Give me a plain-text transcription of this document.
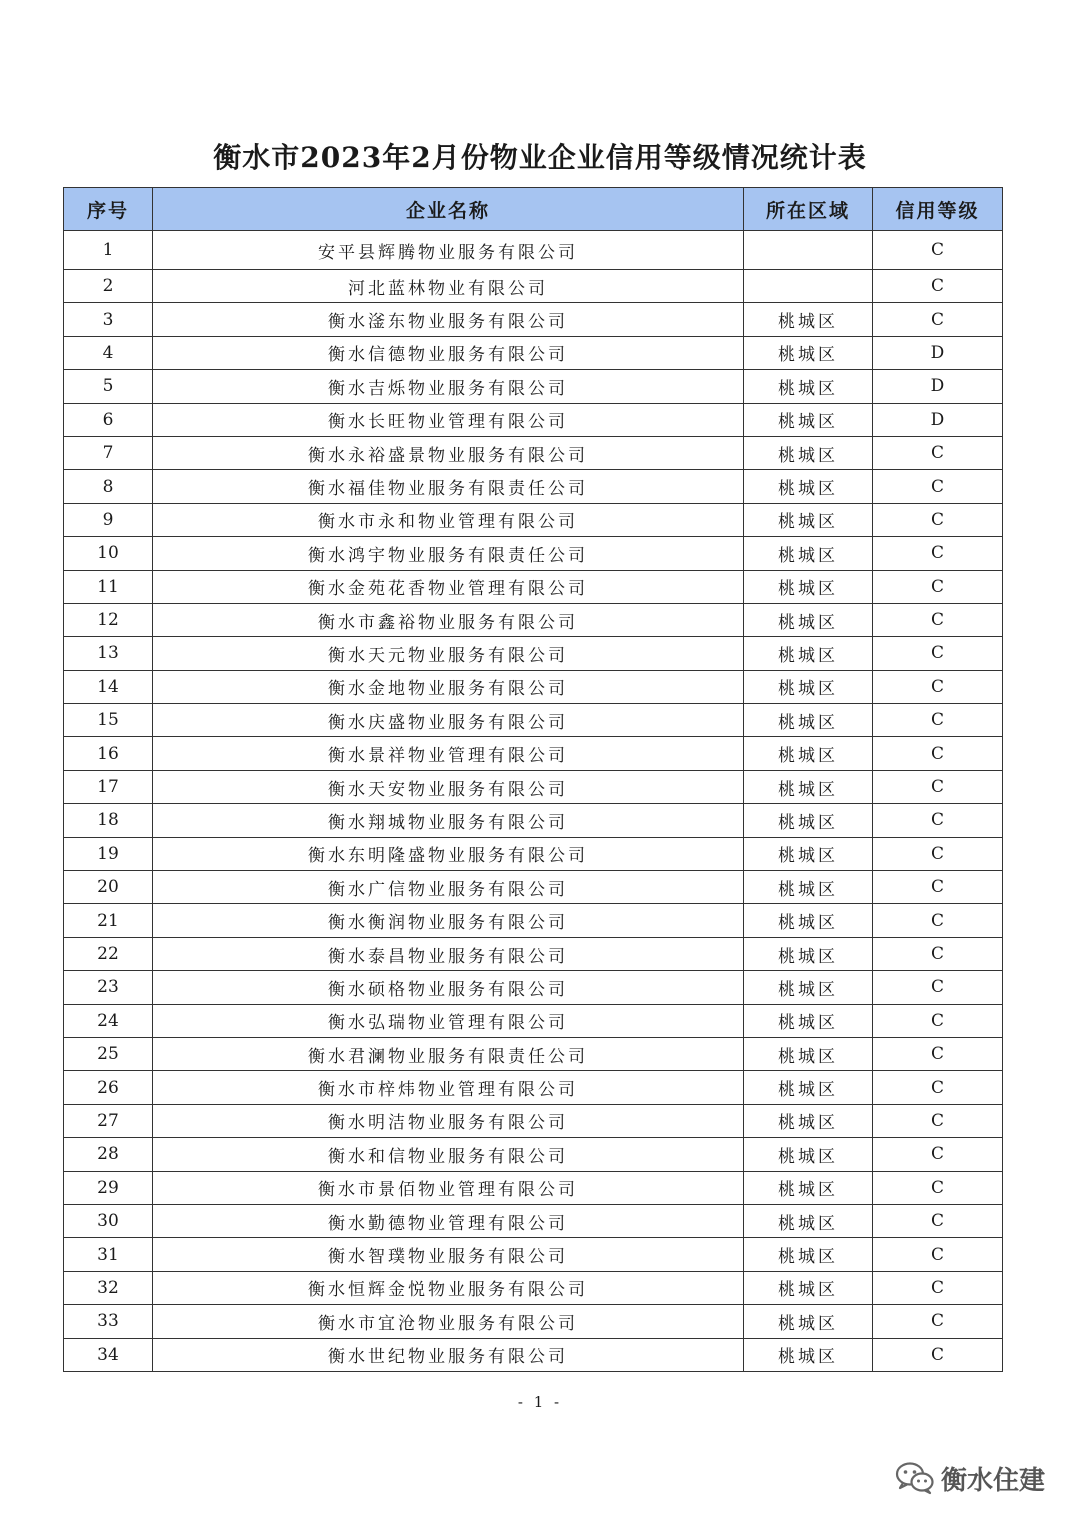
衡水市2023年2月份物业企业信用等级情况统计表
序号	企业名称	所在区域	信用等级
1	安平县辉腾物业服务有限公司		C
2	河北蓝林物业有限公司		C
3	衡水滏东物业服务有限公司	桃城区	C
4	衡水信德物业服务有限公司	桃城区	D
5	衡水吉烁物业服务有限公司	桃城区	D
6	衡水长旺物业管理有限公司	桃城区	D
7	衡水永裕盛景物业服务有限公司	桃城区	C
8	衡水福佳物业服务有限责任公司	桃城区	C
9	衡水市永和物业管理有限公司	桃城区	C
10	衡水鸿宇物业服务有限责任公司	桃城区	C
11	衡水金苑花香物业管理有限公司	桃城区	C
12	衡水市鑫裕物业服务有限公司	桃城区	C
13	衡水天元物业服务有限公司	桃城区	C
14	衡水金地物业服务有限公司	桃城区	C
15	衡水庆盛物业服务有限公司	桃城区	C
16	衡水景祥物业管理有限公司	桃城区	C
17	衡水天安物业服务有限公司	桃城区	C
18	衡水翔城物业服务有限公司	桃城区	C
19	衡水东明隆盛物业服务有限公司	桃城区	C
20	衡水广信物业服务有限公司	桃城区	C
21	衡水衡润物业服务有限公司	桃城区	C
22	衡水泰昌物业服务有限公司	桃城区	C
23	衡水硕格物业服务有限公司	桃城区	C
24	衡水弘瑞物业管理有限公司	桃城区	C
25	衡水君澜物业服务有限责任公司	桃城区	C
26	衡水市梓炜物业管理有限公司	桃城区	C
27	衡水明洁物业服务有限公司	桃城区	C
28	衡水和信物业服务有限公司	桃城区	C
29	衡水市景佰物业管理有限公司	桃城区	C
30	衡水勤德物业管理有限公司	桃城区	C
31	衡水智璞物业服务有限公司	桃城区	C
32	衡水恒辉金悦物业服务有限公司	桃城区	C
33	衡水市宜沧物业服务有限公司	桃城区	C
34	衡水世纪物业服务有限公司	桃城区	C
- 1 -
衡水住建
